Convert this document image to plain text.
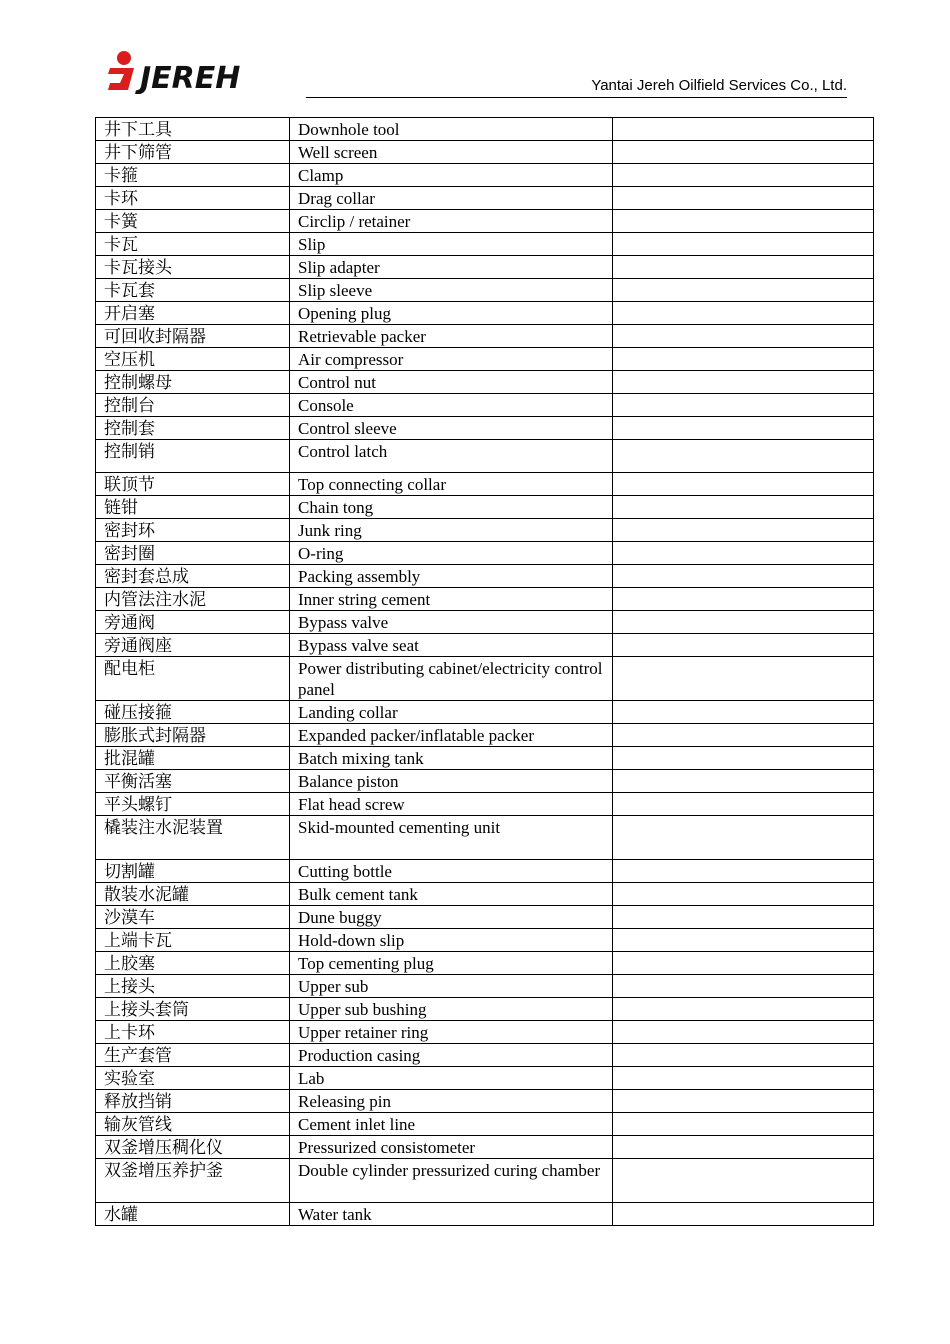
JEREH	Yantai Jereh Oilfield Services Co., Ltd.
井下工具	Downhole tool	
井下筛管	Well screen	
卡箍	Clamp	
卡环	Drag collar	
卡簧	Circlip / retainer	
卡瓦	Slip	
卡瓦接头	Slip adapter	
卡瓦套	Slip sleeve	
开启塞	Opening plug	
可回收封隔器	Retrievable packer	
空压机	Air compressor	
控制螺母	Control nut	
控制台	Console	
控制套	Control sleeve	
控制销	Control latch	
联顶节	Top connecting collar	
链钳	Chain tong	
密封环	Junk ring	
密封圈	O-ring	
密封套总成	Packing assembly	
内管法注水泥	Inner string cement	
旁通阀	Bypass valve	
旁通阀座	Bypass valve seat	
配电柜	Power distributing cabinet/electricity control panel	
碰压接箍	Landing collar	
膨胀式封隔器	Expanded packer/inflatable packer	
批混罐	Batch mixing tank	
平衡活塞	Balance piston	
平头螺钉	Flat head screw	
橇装注水泥装置	Skid-mounted cementing unit	
切割罐	Cutting bottle	
散装水泥罐	Bulk cement tank	
沙漠车	Dune buggy	
上端卡瓦	Hold-down slip	
上胶塞	Top cementing plug	
上接头	Upper sub	
上接头套筒	Upper sub bushing	
上卡环	Upper retainer ring	
生产套管	Production casing	
实验室	Lab	
释放挡销	Releasing pin	
输灰管线	Cement inlet line	
双釜增压稠化仪	Pressurized consistometer	
双釜增压养护釜	Double cylinder pressurized curing chamber	
水罐	Water tank	
